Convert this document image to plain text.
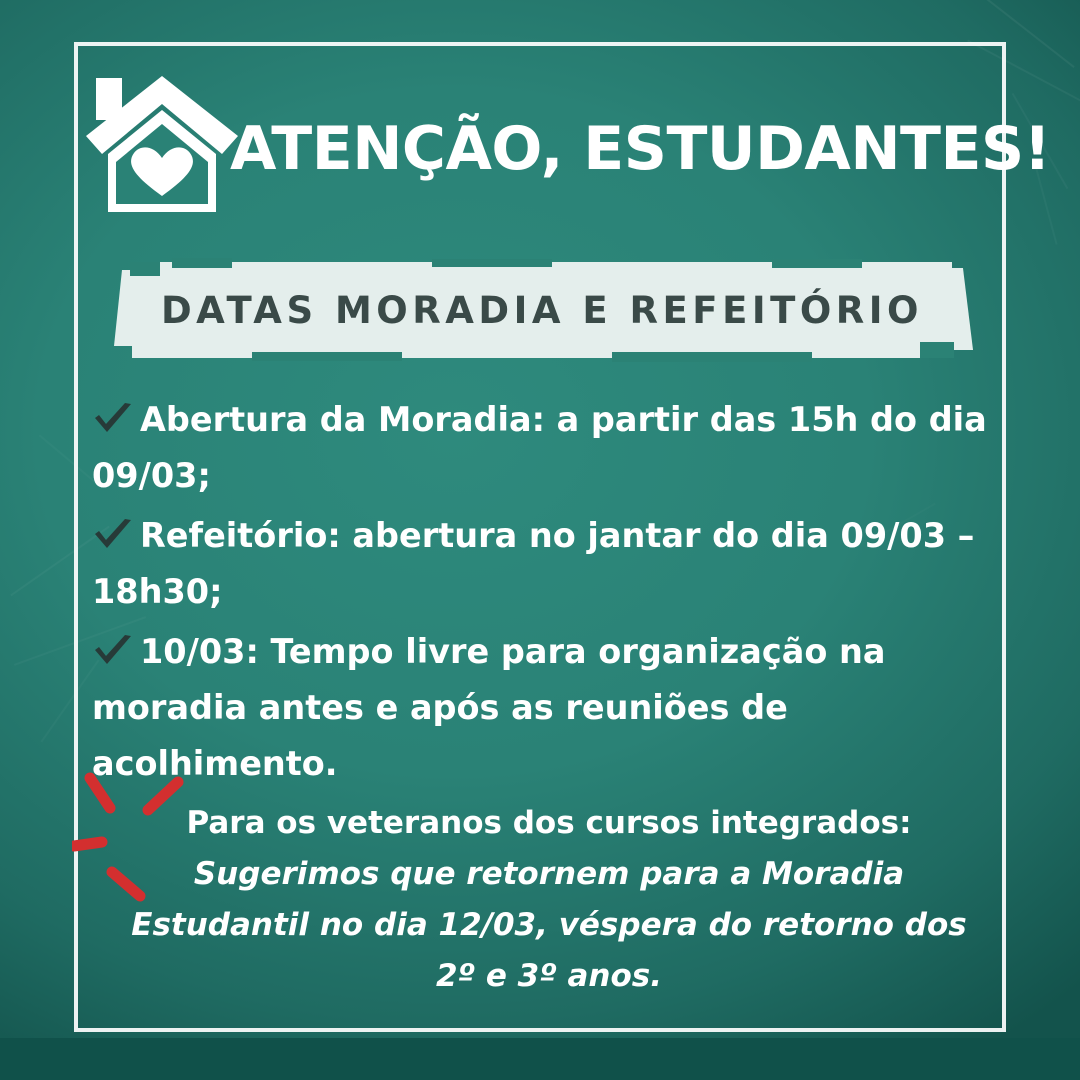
ATENÇÃO, ESTUDANTES!
DATAS MORADIA E REFEITÓRIO
Abertura da Moradia: a partir das 15h do dia 09/03;
Refeitório: abertura no jantar do dia 09/03 – 18h30;
10/03: Tempo livre para organização na moradia antes e após as reuniões de acolhimento.
Para os veteranos dos cursos integrados:
Sugerimos que retornem para a Moradia Estudantil no dia 12/03, véspera do retorno dos 2º e 3º anos.
